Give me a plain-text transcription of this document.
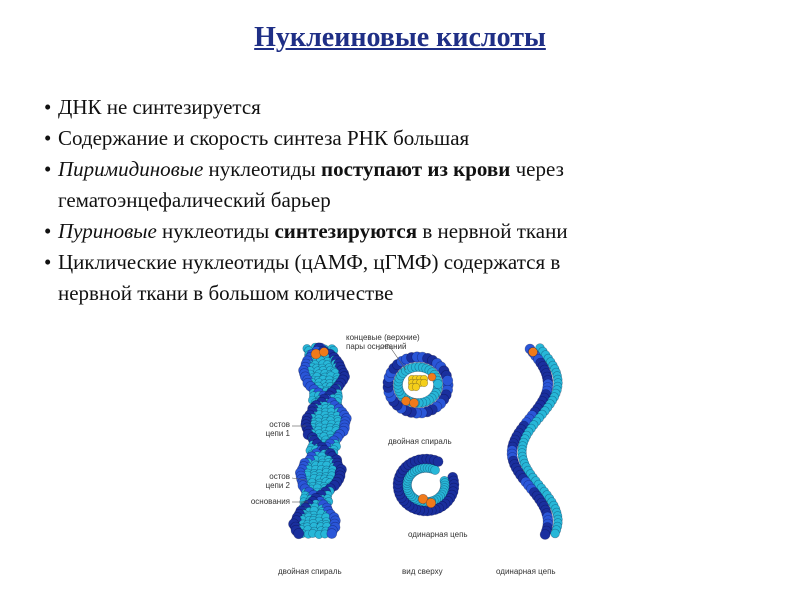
Нуклеиновые кислоты
• ДНК не синтезируется
• Содержание и скорость синтеза РНК большая
• Пиримидиновые нуклеотиды поступают из крови через
гематоэнцефалический барьер
• Пуриновые нуклеотиды синтезируются в нервной ткани
• Циклические нуклеотиды (цАМФ, цГМФ) содержатся в
нервной ткани в большом количестве
остов
цепи 1
остов
цепи 2
основания
концевые (верхние)
пары оснований
двойная спираль
одинарная цепь
двойная спираль	вид сверху	одинарная цепь
